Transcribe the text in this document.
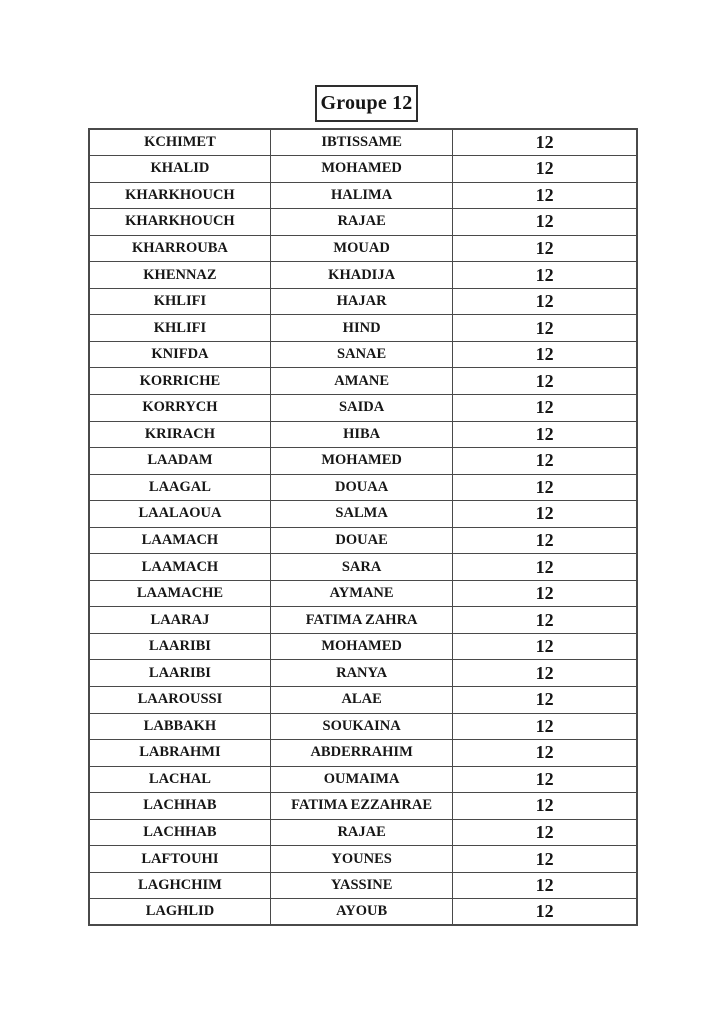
Groupe 12
KCHIMET	IBTISSAME	12
KHALID	MOHAMED	12
KHARKHOUCH	HALIMA	12
KHARKHOUCH	RAJAE	12
KHARROUBA	MOUAD	12
KHENNAZ	KHADIJA	12
KHLIFI	HAJAR	12
KHLIFI	HIND	12
KNIFDA	SANAE	12
KORRICHE	AMANE	12
KORRYCH	SAIDA	12
KRIRACH	HIBA	12
LAADAM	MOHAMED	12
LAAGAL	DOUAA	12
LAALAOUA	SALMA	12
LAAMACH	DOUAE	12
LAAMACH	SARA	12
LAAMACHE	AYMANE	12
LAARAJ	FATIMA ZAHRA	12
LAARIBI	MOHAMED	12
LAARIBI	RANYA	12
LAAROUSSI	ALAE	12
LABBAKH	SOUKAINA	12
LABRAHMI	ABDERRAHIM	12
LACHAL	OUMAIMA	12
LACHHAB	FATIMA EZZAHRAE	12
LACHHAB	RAJAE	12
LAFTOUHI	YOUNES	12
LAGHCHIM	YASSINE	12
LAGHLID	AYOUB	12
